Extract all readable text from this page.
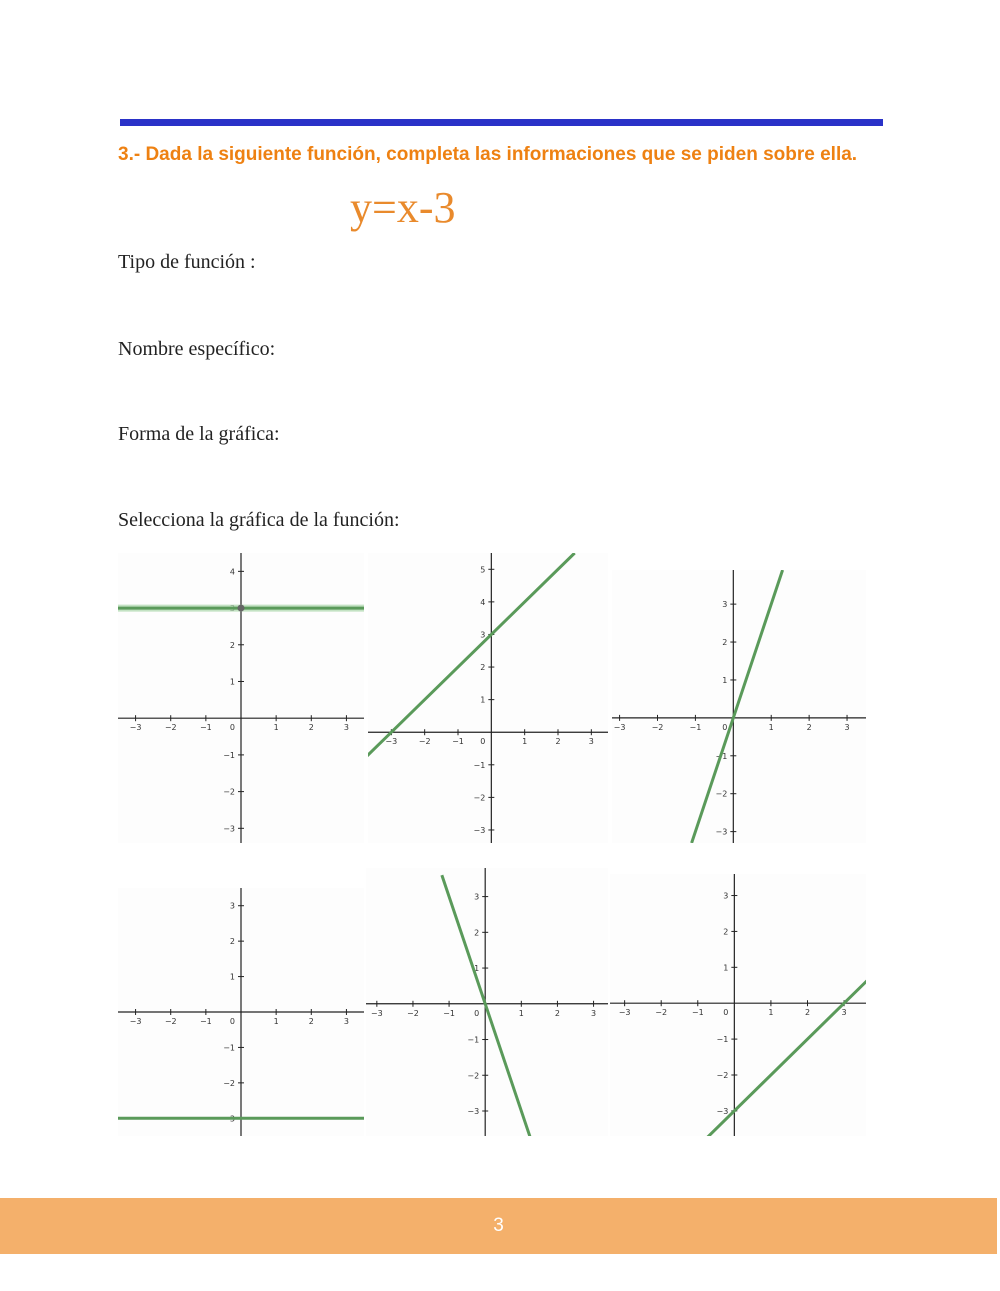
3.- Dada la siguiente función, completa las informaciones que se piden sobre ella.
y=x-3
Tipo de función :
Nombre específico:
Forma de la gráfica:
Selecciona la gráfica de la función:
−3	−2	−1	1	2	3
4
3
2
1
−1
−2
−3
0
−3	−2	−1	1	2	3
5
4
3
2
1
−1
−2
−3
0
−3	−2	−1	1	2	3
3
2
1
−1
−2
−3
0
−3	−2	−1	1	2	3
3
2
1
−1
−2
−3
0
−3	−2	−1	1	2	3
3
2
1
−1
−2
−3
0	−3	−2	−1	1	2	3
3
2
1
−1
−2
−3
0
3
